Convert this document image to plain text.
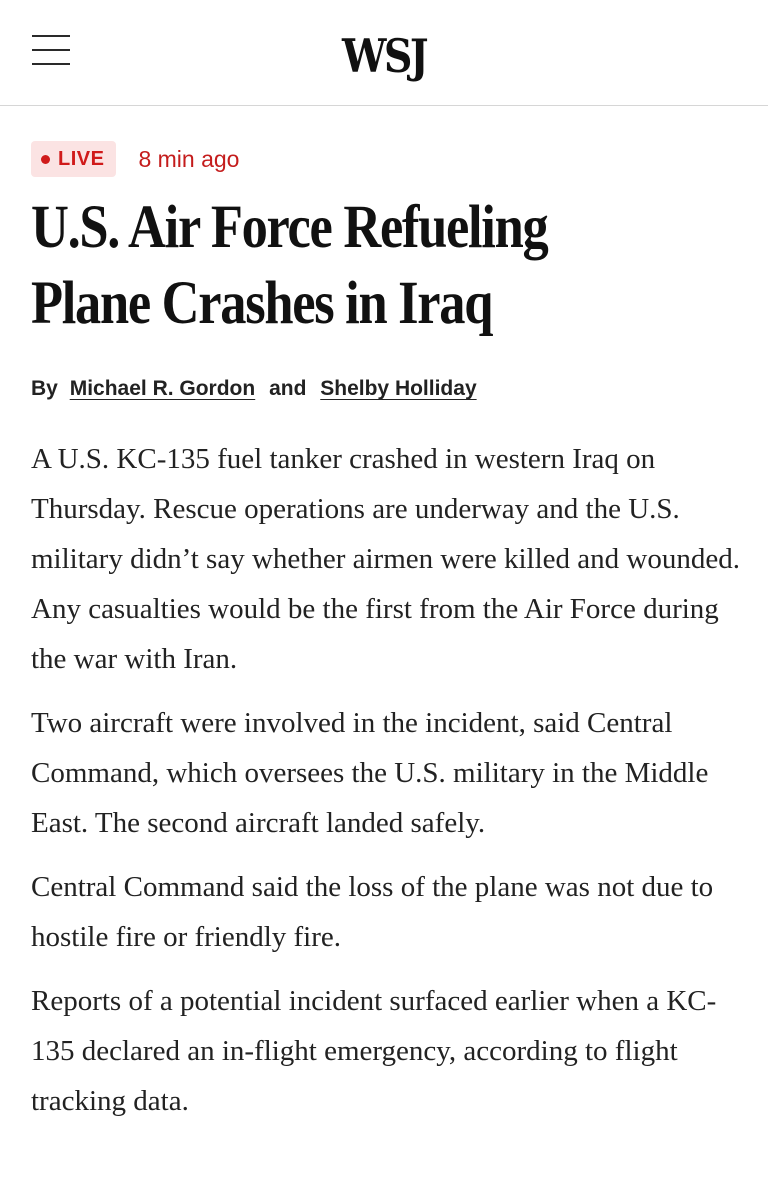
WSJ
LIVE 8 min ago
U.S. Air Force Refueling Plane Crashes in Iraq
By Michael R. Gordon and Shelby Holliday

A U.S. KC-135 fuel tanker crashed in western Iraq on Thursday. Rescue operations are underway and the U.S. military didn’t say whether airmen were killed and wounded. Any casualties would be the first from the Air Force during the war with Iran.

Two aircraft were involved in the incident, said Central Command, which oversees the U.S. military in the Middle East. The second aircraft landed safely.

Central Command said the loss of the plane was not due to hostile fire or friendly fire.

Reports of a potential incident surfaced earlier when a KC-135 declared an in-flight emergency, according to flight tracking data.
